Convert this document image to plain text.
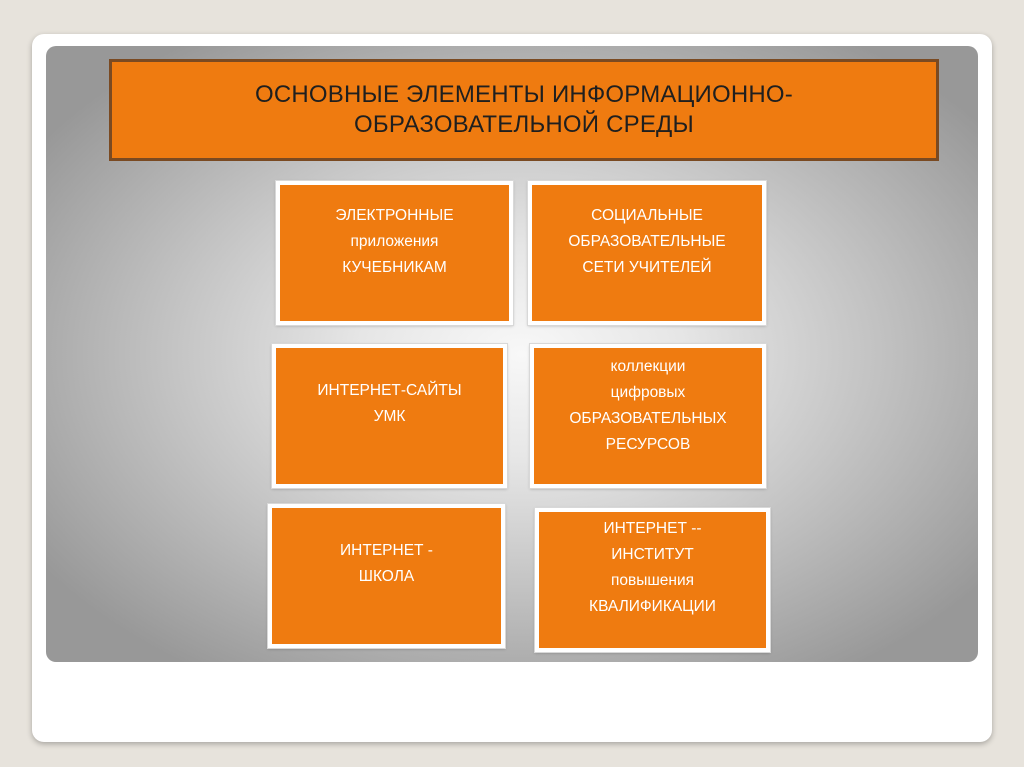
ОСНОВНЫЕ ЭЛЕМЕНТЫ ИНФОРМАЦИОННО-ОБРАЗОВАТЕЛЬНОЙ СРЕДЫ
ЭЛЕКТРОННЫЕ
приложения
КУЧЕБНИКАМ
СОЦИАЛЬНЫЕ
ОБРАЗОВАТЕЛЬНЫЕ
СЕТИ УЧИТЕЛЕЙ
ИНТЕРНЕТ-САЙТЫ
УМК
коллекции
цифровых
ОБРАЗОВАТЕЛЬНЫХ
РЕСУРСОВ
ИНТЕРНЕТ -
ШКОЛА
ИНТЕРНЕТ --
ИНСТИТУТ
повышения
КВАЛИФИКАЦИИ
